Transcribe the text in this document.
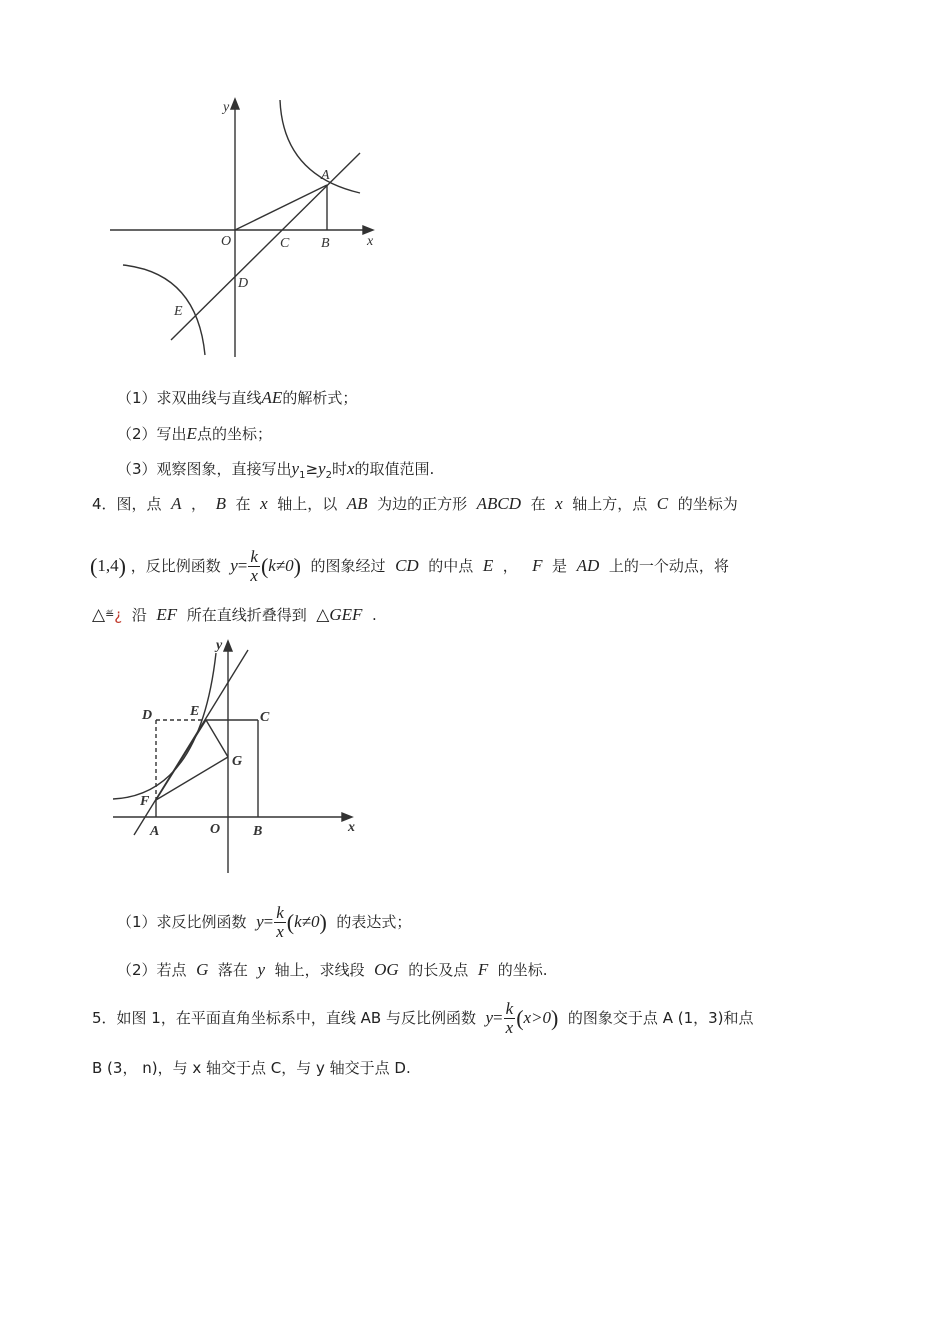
y
x
O
A
B
C
D
E
（1）求双曲线与直线AE的解析式；
（2）写出E点的坐标；
（3）观察图象，直接写出$y_1\ge y_2$时x的取值范围.
4．图，点 A ， B 在 x 轴上，以 AB 为边的正方形 ABCD 在 x 轴上方，点 C 的坐标为
(1,4) ，反比例函数 $y= \frac{k}{x} (k\ne 0)$ 的图象经过 CD 的中点 E ， F 是 AD 上的一个动点，将
△≝¿ 沿 EF 所在直线折叠得到 △GEF .
y
x
O
A	B
C
D	E
F
G
（1）求反比例函数 $y= \frac{k}{x} (k\ne 0)$ 的表达式；
（2）若点 G 落在 y 轴上，求线段 OG 的长及点 F 的坐标.
5．如图 1，在平面直角坐标系中，直线 AB 与反比例函数 $y= \frac{k}{x} (x>0)$ 的图象交于点 A (1，3)和点
B (3， n)，与 x 轴交于点 C，与 y 轴交于点 D.
